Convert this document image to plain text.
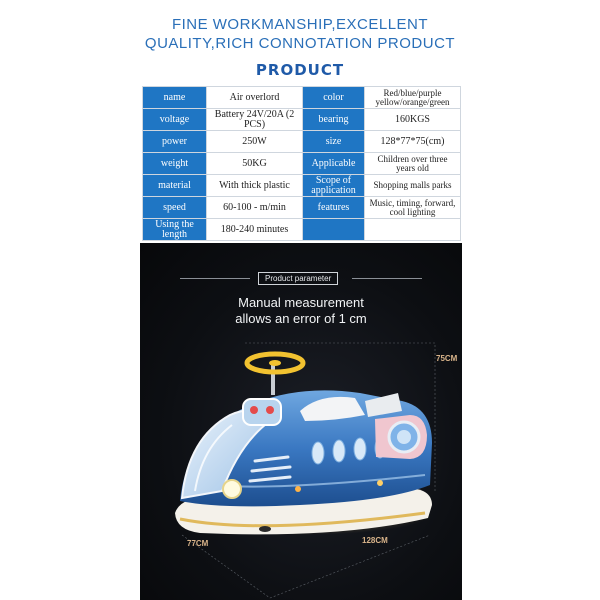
FINE WORKMANSHIP,EXCELLENT
QUALITY,RICH CONNOTATION PRODUCT
PRODUCT
name	Air overlord	color	Red/blue/purple yellow/orange/green
voltage	Battery 24V/20A (2 PCS)	bearing	160KGS
power	250W	size	128*77*75(cm)
weight	50KG	Applicable	Children over three years old
material	With thick plastic	Scope of application	Shopping malls parks
speed	60-100 - m/min	features	Music, timing, forward, cool lighting
Using the length	180-240 minutes		
Product parameter
Manual measurement
allows an error of 1 cm
75CM
128CM
77CM
